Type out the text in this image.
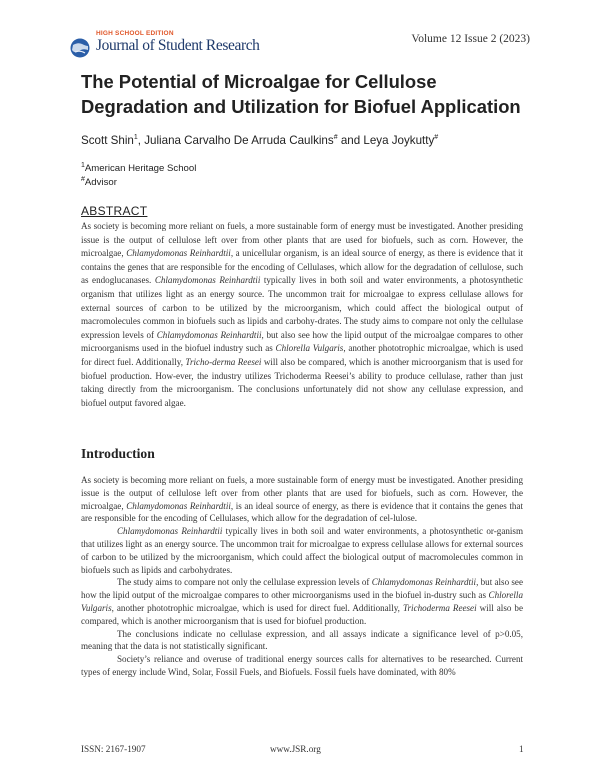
HIGH SCHOOL EDITION
Journal of Student Research	Volume 12 Issue 2 (2023)
The Potential of Microalgae for Cellulose Degradation and Utilization for Biofuel Application
Scott Shin$^1$, Juliana Carvalho De Arruda Caulkins# and Leya Joykutty#
$^1$American Heritage School
#Advisor
ABSTRACT

As society is becoming more reliant on fuels, a more sustainable form of energy must be investigated. Another presiding issue is the output of cellulose left over from other plants that are used for biofuels, such as corn. However, the microalgae, Chlamydomonas Reinhardtii, a unicellular organism, is an ideal source of energy, as there is evidence that it contains the genes that are responsible for the encoding of Cellulases, which allow for the degradation of cellulose, such as endoglucanases. Chlamydomonas Reinhardtii typically lives in both soil and water environments, a photosynthetic organism that utilizes light as an energy source. The uncommon trait for microalgae to express cellulase allows for external sources of carbon to be utilized by the microorganism, which could affect the biological output of macromolecules common in biofuels such as lipids and carbohy-drates. The study aims to compare not only the cellulase expression levels of Chlamydomonas Reinhardtii, but also see how the lipid output of the microalgae compares to other microorganisms used in the biofuel industry such as Chlorella Vulgaris, another phototrophic microalgae, which is used for direct fuel. Additionally, Tricho-derma Reesei will also be compared, which is another microorganism that is used for biofuel production. How-ever, the industry utilizes Trichoderma Reesei’s ability to produce cellulase, rather than just taking directly from the microorganism. The conclusions unfortunately did not show any cellulase expression, and biofuel output favored algae.

Introduction

As society is becoming more reliant on fuels, a more sustainable form of energy must be investigated. Another presiding issue is the output of cellulose left over from other plants that are used for biofuels, such as corn. However, the microalgae, Chlamydomonas Reinhardtii, is an ideal source of energy, as there is evidence that it contains the genes that are responsible for the encoding of Cellulases, which allow for the degradation of cel-lulose.

Chlamydomonas Reinhardtii typically lives in both soil and water environments, a photosynthetic or-ganism that utilizes light as an energy source. The uncommon trait for microalgae to express cellulase allows for external sources of carbon to be utilized by the microorganism, which could affect the biological output of macromolecules common in biofuels such as lipids and carbohydrates.

The study aims to compare not only the cellulase expression levels of Chlamydomonas Reinhardtii, but also see how the lipid output of the microalgae compares to other microorganisms used in the biofuel in-dustry such as Chlorella Vulgaris, another phototrophic microalgae, which is used for direct fuel. Additionally, Trichoderma Reesei will also be compared, which is another microorganism that is used for biofuel production.

The conclusions indicate no cellulase expression, and all assays indicate a significance level of p>0.05, meaning that the data is not statistically significant.

Society’s reliance and overuse of traditional energy sources calls for alternatives to be researched. Current types of energy include Wind, Solar, Fossil Fuels, and Biofuels. Fossil fuels have dominated, with 80%

ISSN: 2167-1907	www.JSR.org	1
